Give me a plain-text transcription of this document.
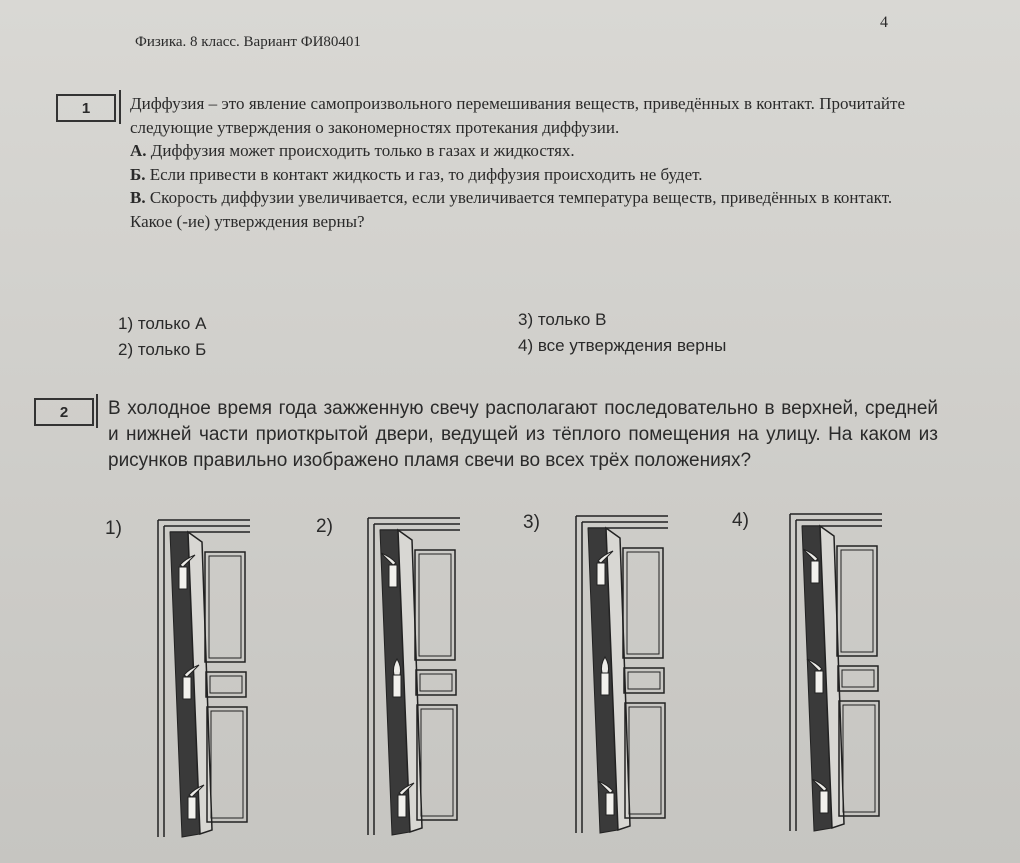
4
Физика. 8 класс. Вариант ФИ80401
1	Диффузия – это явление самопроизвольного перемешивания веществ, приведённых в контакт. Прочитайте следующие утверждения о закономерностях протекания диффузии.

А. Диффузия может происходить только в газах и жидкостях.

Б. Если привести в контакт жидкость и газ, то диффузия происходить не будет.

В. Скорость диффузии увеличивается, если увеличивается температура веществ, приведённых в контакт.

Какое (-ие) утверждения верны?

1) только А
2) только Б
3) только В
4) все утверждения верны
2	В холодное время года зажженную свечу располагают последовательно в верхней, средней и нижней части приоткрытой двери, ведущей из тёплого помещения на улицу. На каком из рисунков правильно изображено пламя свечи во всех трёх положениях?
1)	2)	3)	4)
